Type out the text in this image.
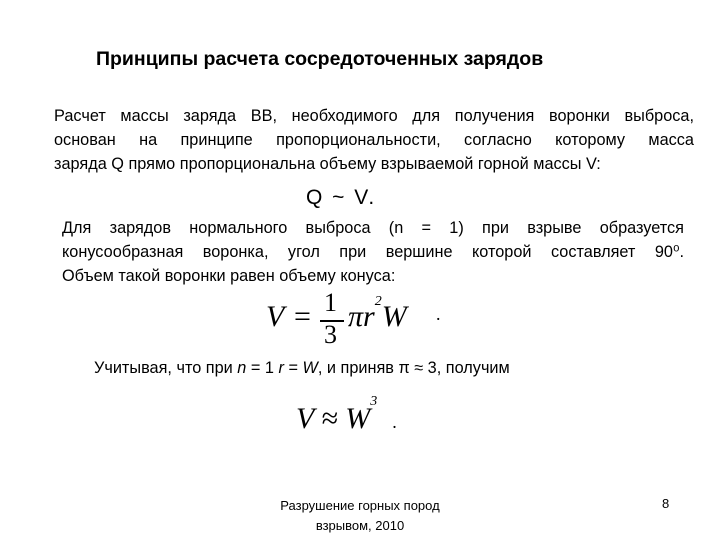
Принципы расчета сосредоточенных зарядов
Расчет массы заряда ВВ, необходимого для получения воронки выброса,
основан на принципе пропорциональности, согласно которому масса
заряда Q прямо пропорциональна объему взрываемой горной массы V:
Q ~ V.
Для зарядов нормального выброса (n = 1) при взрыве образуется
конусообразная воронка, угол при вершине которой составляет 90⁰.
Объем такой воронки равен объему конуса:
V = 1
3
$\pi r^2W$ .
Учитывая, что при n = 1 r = W, и приняв π ≈ 3, получим
$V \approx W^3$  .
Разрушение горных пород
взрывом, 2010
8
